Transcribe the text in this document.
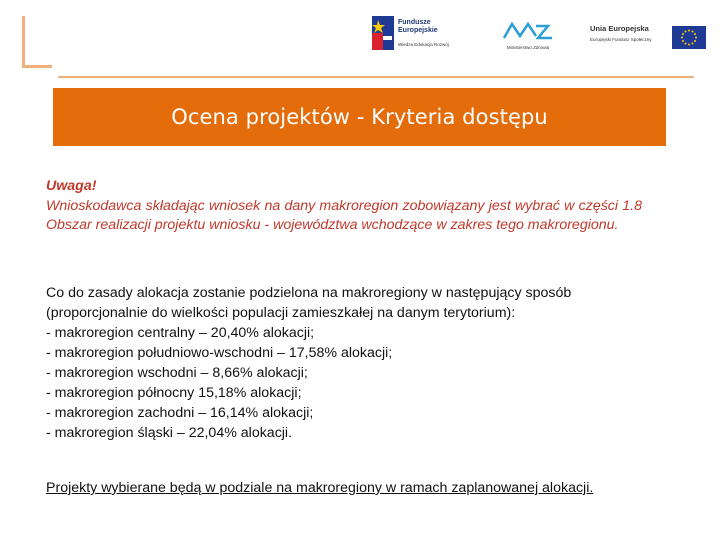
Fundusze
Europejskie
Wiedza Edukacja Rozwój
Ministerstwo Zdrowia
Unia Europejska
Europejski Fundusz Społeczny
Ocena projektów - Kryteria dostępu
Uwaga!
Wnioskodawca składając wniosek na dany makroregion zobowiązany jest wybrać w części 1.8 Obszar realizacji projektu wniosku - województwa wchodzące w zakres tego makroregionu.
Co do zasady alokacja zostanie podzielona na makroregiony w następujący sposób
(proporcjonalnie do wielkości populacji zamieszkałej na danym terytorium):
- makroregion centralny – 20,40% alokacji;
- makroregion południowo-wschodni – 17,58% alokacji;
- makroregion wschodni – 8,66% alokacji;
- makroregion północny 15,18% alokacji;
- makroregion zachodni – 16,14% alokacji;
- makroregion śląski – 22,04% alokacji.
Projekty wybierane będą w podziale na makroregiony w ramach zaplanowanej alokacji.
